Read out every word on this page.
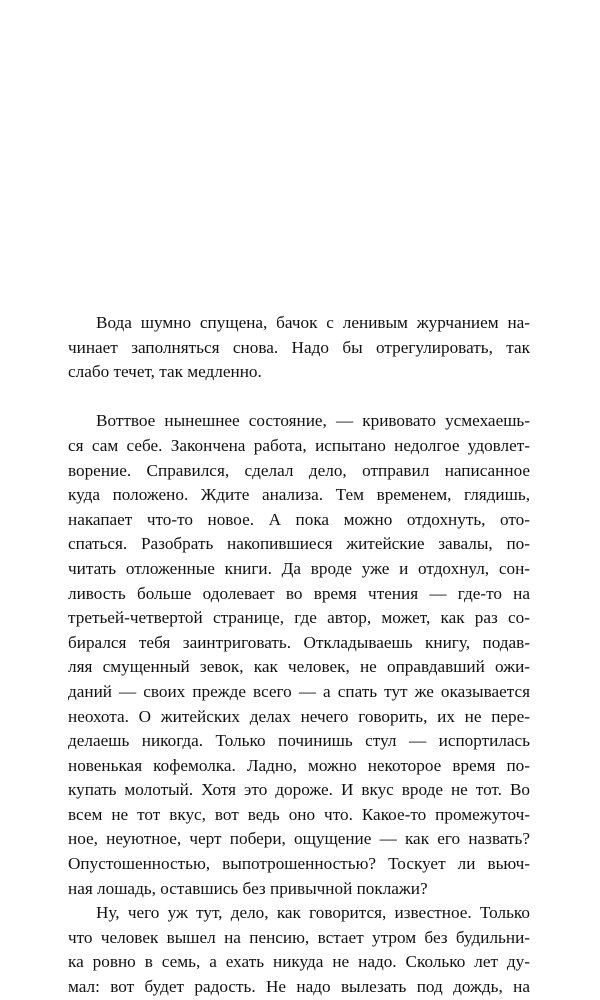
Вода шумно спущена, бачок с ленивым журчанием на-
чинает заполняться снова. Надо бы отрегулировать, так
слабо течет, так медленно.
Воттвое нынешнее состояние, — кривовато усмехаешь-
ся сам себе. Закончена работа, испытано недолгое удовлет-
ворение. Справился, сделал дело, отправил написанное
куда положено. Ждите анализа. Тем временем, глядишь,
накапает что-то новое. А пока можно отдохнуть, ото-
спаться. Разобрать накопившиеся житейские завалы, по-
читать отложенные книги. Да вроде уже и отдохнул, сон-
ливость больше одолевает во время чтения — где-то на
третьей-четвертой странице, где автор, может, как раз со-
бирался тебя заинтриговать. Откладываешь книгу, подав-
ляя смущенный зевок, как человек, не оправдавший ожи-
даний — своих прежде всего — а спать тут же оказывается
неохота. О житейских делах нечего говорить, их не пере-
делаешь никогда. Только починишь стул — испортилась
новенькая кофемолка. Ладно, можно некоторое время по-
купать молотый. Хотя это дороже. И вкус вроде не тот. Во
всем не тот вкус, вот ведь оно что. Какое-то промежуточ-
ное, неуютное, черт побери, ощущение — как его назвать?
Опустошенностью, выпотрошенностью? Тоскует ли вьюч-
ная лошадь, оставшись без привычной поклажи?
Ну, чего уж тут, дело, как говорится, известное. Только
что человек вышел на пенсию, встает утром без будильни-
ка ровно в семь, а ехать никуда не надо. Сколько лет ду-
мал: вот будет радость. Не надо вылезать под дождь, на
